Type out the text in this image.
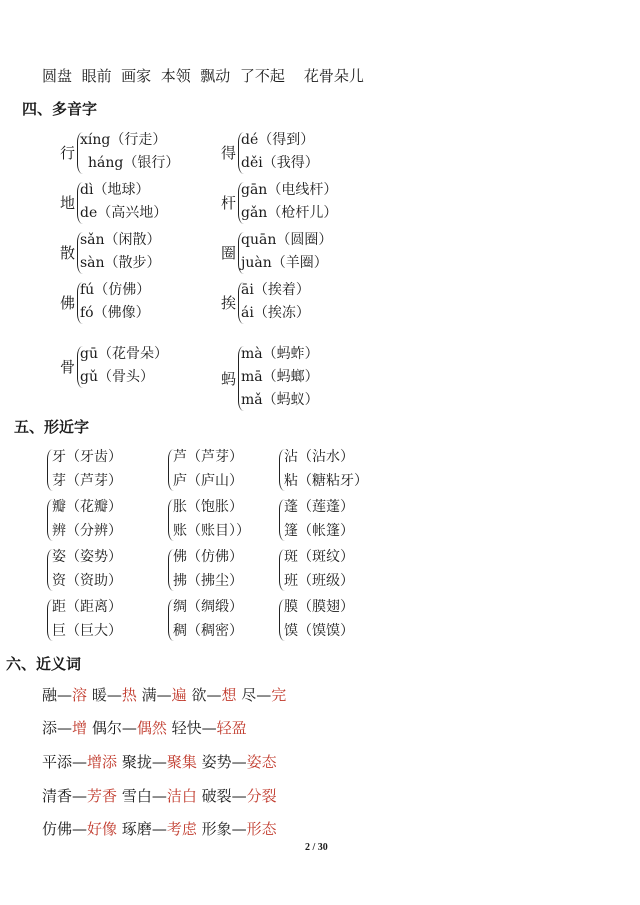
圆盘 眼前 画家 本领 飘动 了不起 花骨朵儿
四、多音字
行
xíng（行走）
háng（银行）
得
dé（得到）
děi（我得）
地
dì（地球）
de（高兴地）
杆
gān（电线杆）
gǎn（枪杆儿）
散
sǎn（闲散）
sàn（散步）
圈
quān（圆圈）
juàn（羊圈）
佛
fú（仿佛）
fó（佛像）
挨
āi（挨着）
ái（挨冻）
骨
gū（花骨朵）
gǔ（骨头）	蚂
mà（蚂蚱）
mā（蚂螂）
mǎ（蚂蚁）
五、形近字
牙（牙齿）
芽（芦芽）
芦（芦芽）
庐（庐山）
沾（沾水）
粘（糖粘牙）
瓣（花瓣）
辨（分辨）
胀（饱胀）
账（账目））
蓬（莲蓬）
篷（帐篷）
姿（姿势）
资（资助）
佛（仿佛）
拂（拂尘）
斑（斑纹）
班（班级）
距（距离）
巨（巨大）
绸（绸缎）
稠（稠密）
膜（膜翅）
馍（馍馍）
六、近义词
融—溶 暖—热 满—遍 欲—想 尽—完
添—增 偶尔—偶然 轻快—轻盈
平添—增添 聚拢—聚集 姿势—姿态
清香—芳香 雪白—洁白 破裂—分裂
仿佛—好像 琢磨—考虑 形象—形态
2 / 30
